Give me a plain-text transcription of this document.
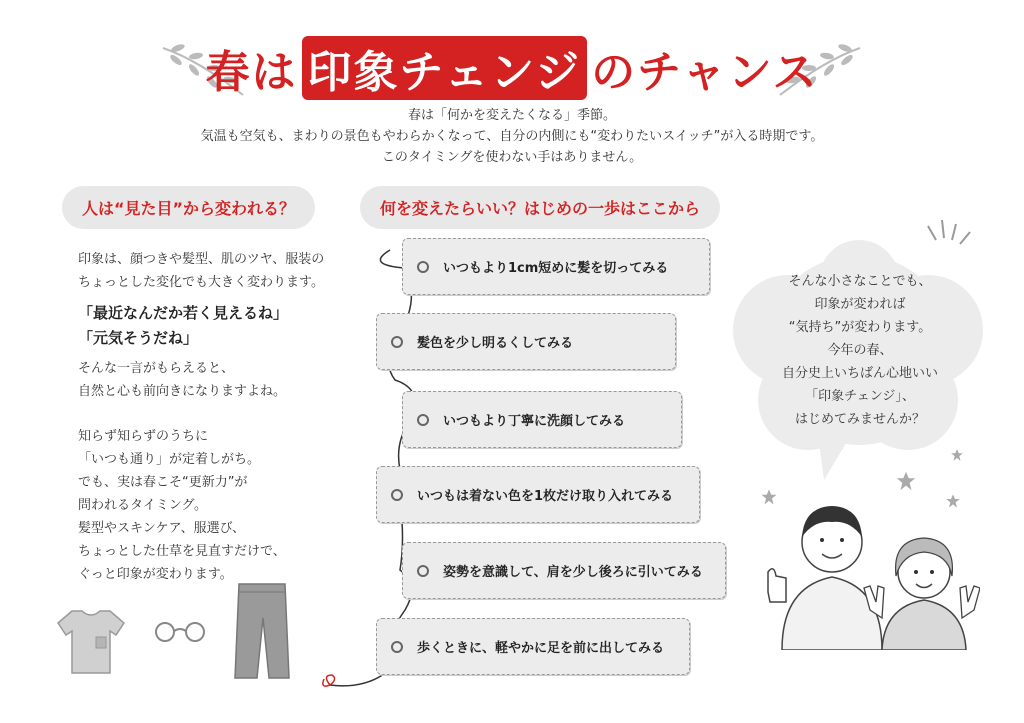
春は 印象チェンジ のチャンス
春は「何かを変えたくなる」季節。
気温も空気も、まわりの景色もやわらかくなって、自分の内側にも“変わりたいスイッチ”が入る時期です。
このタイミングを使わない手はありません。
人は“見た目”から変われる？
印象は、顔つきや髪型、肌のツヤ、服装の
ちょっとした変化でも大きく変わります。
「最近なんだか若く見えるね」
「元気そうだね」
そんな一言がもらえると、
自然と心も前向きになりますよね。
知らず知らずのうちに
「いつも通り」が定着しがち。
でも、実は春こそ“更新力”が
問われるタイミング。
髪型やスキンケア、服選び、
ちょっとした仕草を見直すだけで、
ぐっと印象が変わります。
何を変えたらいい？はじめの一歩はここから
いつもより1cm短めに髪を切ってみる
髪色を少し明るくしてみる
いつもより丁寧に洗顔してみる
いつもは着ない色を1枚だけ取り入れてみる
姿勢を意識して、肩を少し後ろに引いてみる
歩くときに、軽やかに足を前に出してみる
そんな小さなことでも、
印象が変われば
“気持ち”が変わります。
今年の春、
自分史上いちばん心地いい
「印象チェンジ」、
はじめてみませんか？
